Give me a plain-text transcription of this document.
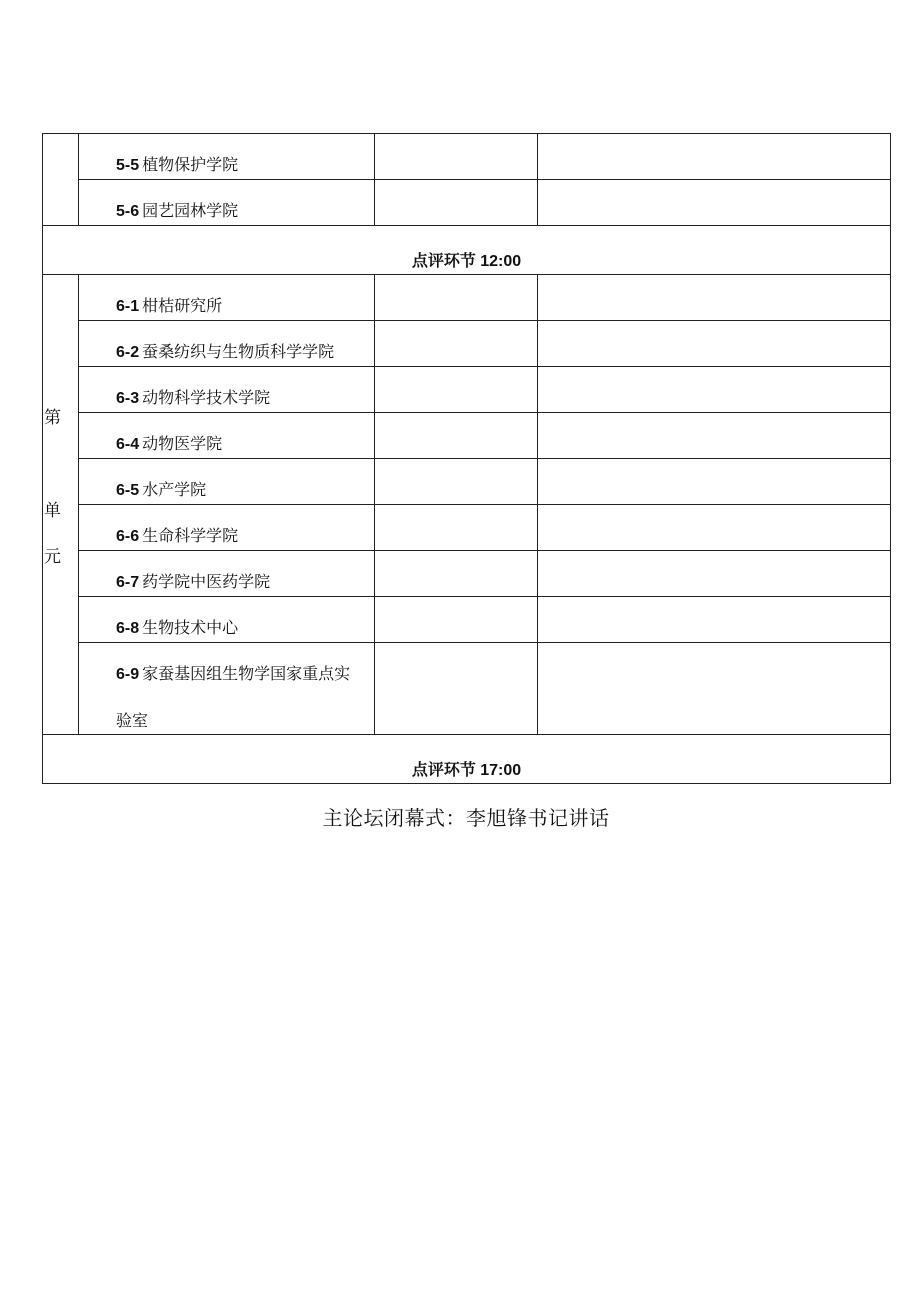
	5-5 植物保护学院		

	5-6 园艺园林学院		

点评环节 12:00			

第
单
元	6-1 柑桔研究所		

	6-2 蚕桑纺织与生物质科学学院		

	6-3 动物科学技术学院		

	6-4 动物医学院		

	6-5 水产学院		

	6-6 生命科学学院		

	6-7 药学院中医药学院		

	6-8 生物技术中心		

	6-9 家蚕基因组生物学国家重点实
验室		

点评环节 17:00			
主论坛闭幕式：李旭锋书记讲话
